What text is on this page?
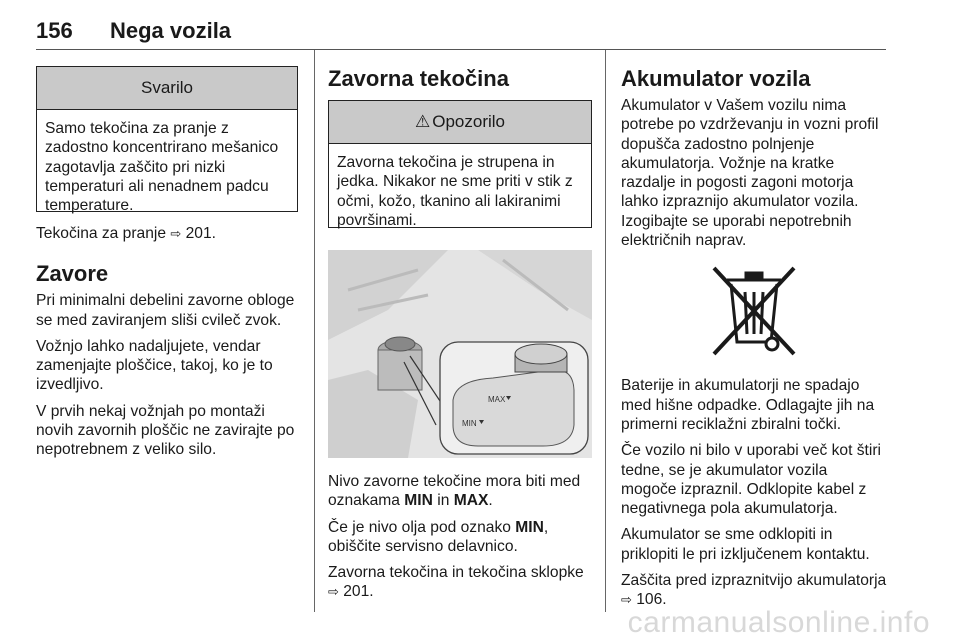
156 Nega vozila
Svarilo

Samo tekočina za pranje z zadostno koncentrirano mešanico zagotavlja zaščito pri nizki temperaturi ali nenadnem padcu temperature.

Tekočina za pranje ⇨ 201.

Zavore

Pri minimalni debelini zavorne obloge se med zaviranjem sliši cvileč zvok.

Vožnjo lahko nadaljujete, vendar zamenjajte ploščice, takoj, ko je to izvedljivo.

V prvih nekaj vožnjah po montaži novih zavornih ploščic ne zavirajte po nepotrebnem z veliko silo.

Zavorna tekočina
⚠ Opozorilo

Zavorna tekočina je strupena in jedka. Nikakor ne sme priti v stik z očmi, kožo, tkanino ali lakiranimi površinami.

MAX
MIN

Nivo zavorne tekočine mora biti med oznakama MIN in MAX.

Če je nivo olja pod oznako MIN, obiščite servisno delavnico.

Zavorna tekočina in tekočina sklopke ⇨ 201.

Akumulator vozila

Akumulator v Vašem vozilu nima potrebe po vzdrževanju in vozni profil dopušča zadostno polnjenje akumulatorja. Vožnje na kratke razdalje in pogosti zagoni motorja lahko izpraznijo akumulator vozila. Izogibajte se uporabi nepotrebnih električnih naprav.

Baterije in akumulatorji ne spadajo med hišne odpadke. Odlagajte jih na primerni reciklažni zbiralni točki.

Če vozilo ni bilo v uporabi več kot štiri tedne, se je akumulator vozila mogoče izpraznil. Odklopite kabel z negativnega pola akumulatorja.

Akumulator se sme odklopiti in priklopiti le pri izklјučenem kontaktu.

Zaščita pred izpraznitvijo akumulatorja ⇨ 106.

carmanualsonline.info
